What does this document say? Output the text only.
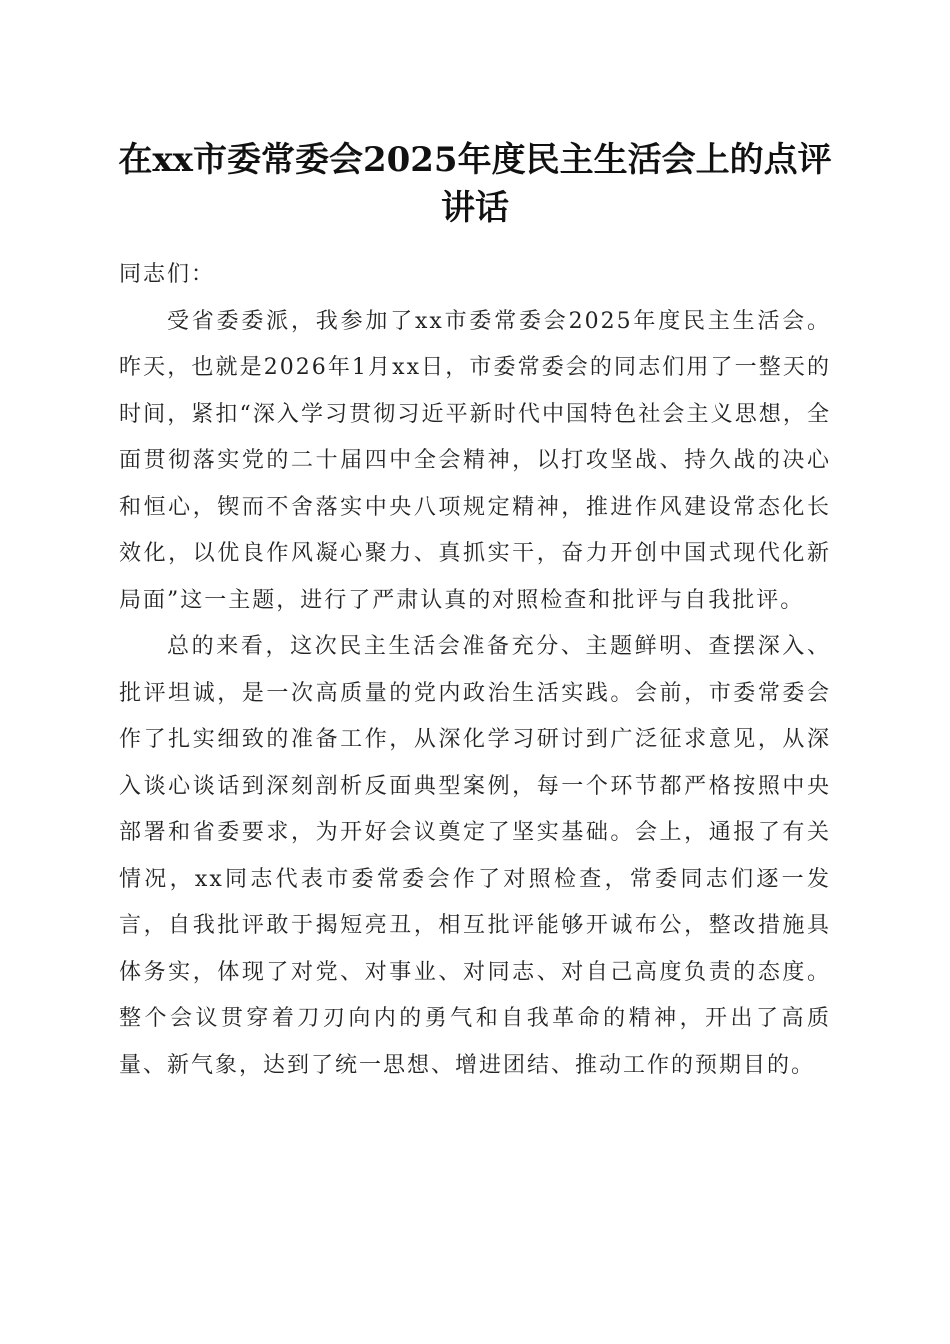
在xx市委常委会2025年度民主生活会上的点评讲话

同志们：

受省委委派，我参加了xx市委常委会2025年度民主生活会。昨天，也就是2026年1月xx日，市委常委会的同志们用了一整天的时间，紧扣“深入学习贯彻习近平新时代中国特色社会主义思想，全面贯彻落实党的二十届四中全会精神，以打攻坚战、持久战的决心和恒心，锲而不舍落实中央八项规定精神，推进作风建设常态化长效化，以优良作风凝心聚力、真抓实干，奋力开创中国式现代化新局面”这一主题，进行了严肃认真的对照检查和批评与自我批评。

总的来看，这次民主生活会准备充分、主题鲜明、查摆深入、批评坦诚，是一次高质量的党内政治生活实践。会前，市委常委会作了扎实细致的准备工作，从深化学习研讨到广泛征求意见，从深入谈心谈话到深刻剖析反面典型案例，每一个环节都严格按照中央部署和省委要求，为开好会议奠定了坚实基础。会上，通报了有关情况，xx同志代表市委常委会作了对照检查，常委同志们逐一发言，自我批评敢于揭短亮丑，相互批评能够开诚布公，整改措施具体务实，体现了对党、对事业、对同志、对自己高度负责的态度。整个会议贯穿着刀刃向内的勇气和自我革命的精神，开出了高质量、新气象，达到了统一思想、增进团结、推动工作的预期目的。
